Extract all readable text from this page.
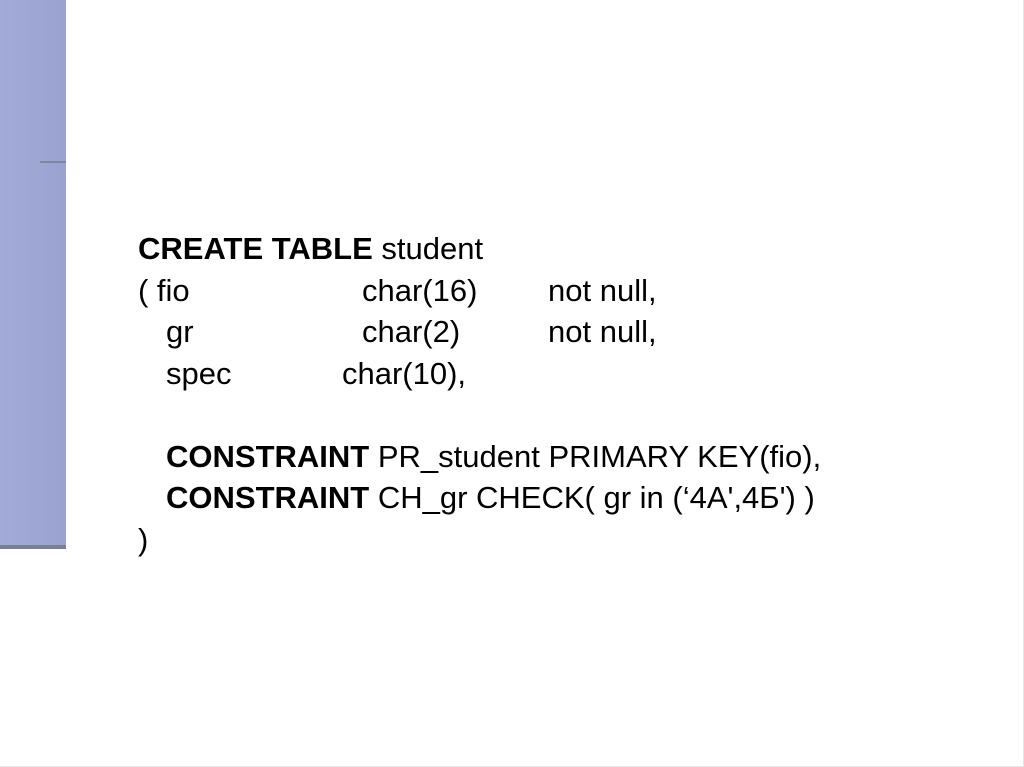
CREATE TABLE student
( fio	char(16) not null,
gr	char(2)	not null,
spec	char(10),
CONSTRAINT PR_student PRIMARY KEY(fio),
CONSTRAINT CH_gr CHECK( gr in (‘4А',4Б') )
)
